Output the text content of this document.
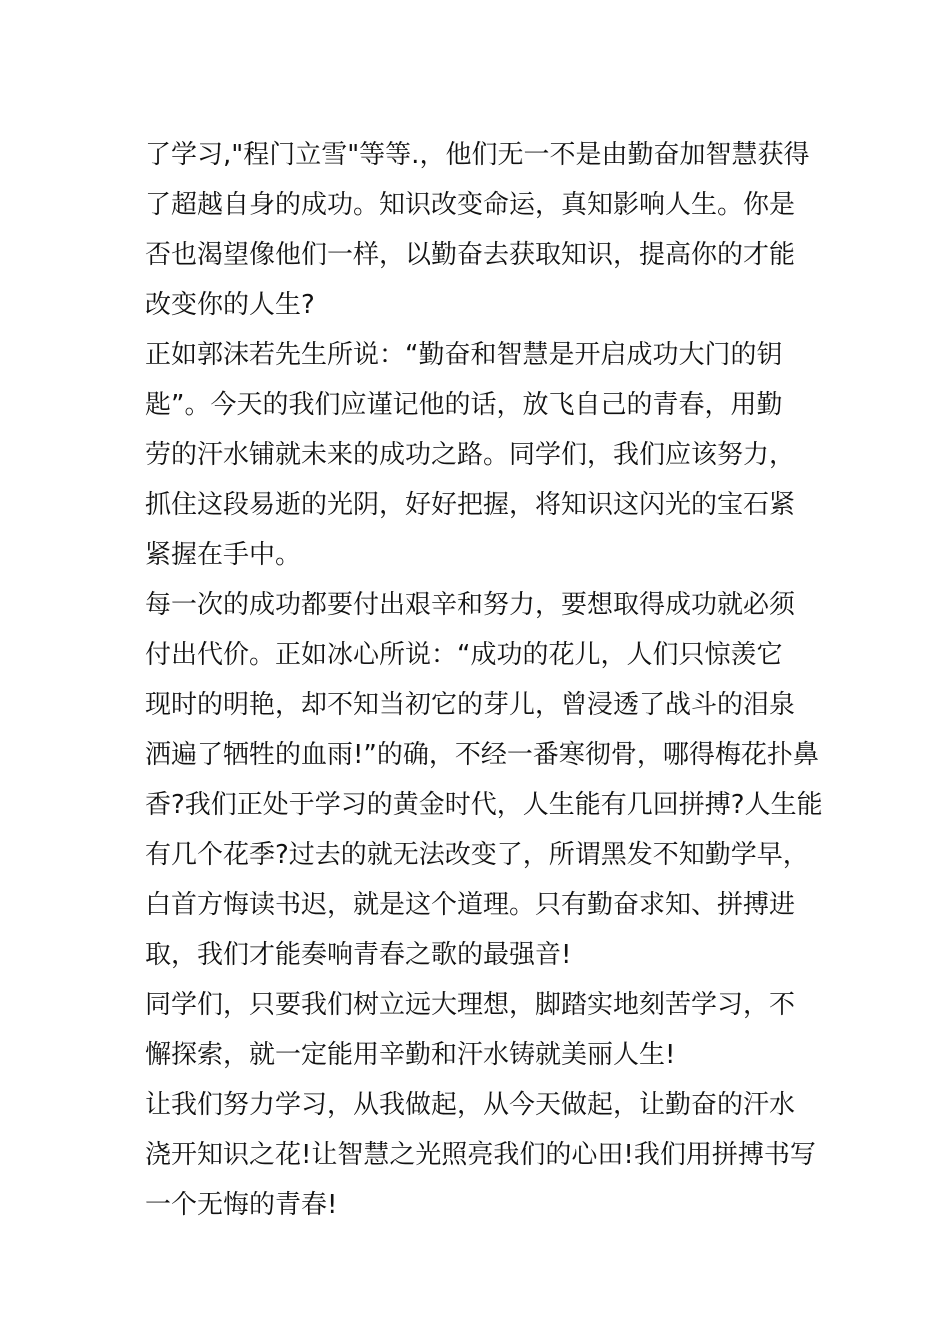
了学习,"程门立雪"等等.，他们无一不是由勤奋加智慧获得
了超越自身的成功。知识改变命运，真知影响人生。你是
否也渴望像他们一样，以勤奋去获取知识，提高你的才能
改变你的人生?
正如郭沫若先生所说：“勤奋和智慧是开启成功大门的钥
匙”。今天的我们应谨记他的话，放飞自己的青春，用勤
劳的汗水铺就未来的成功之路。同学们，我们应该努力，
抓住这段易逝的光阴，好好把握，将知识这闪光的宝石紧
紧握在手中。
每一次的成功都要付出艰辛和努力，要想取得成功就必须
付出代价。正如冰心所说：“成功的花儿，人们只惊羡它
现时的明艳，却不知当初它的芽儿，曾浸透了战斗的泪泉
洒遍了牺牲的血雨!”的确，不经一番寒彻骨，哪得梅花扑鼻
香?我们正处于学习的黄金时代，人生能有几回拼搏?人生能
有几个花季?过去的就无法改变了，所谓黑发不知勤学早，
白首方悔读书迟，就是这个道理。只有勤奋求知、拼搏进
取，我们才能奏响青春之歌的最强音!
同学们，只要我们树立远大理想，脚踏实地刻苦学习，不
懈探索，就一定能用辛勤和汗水铸就美丽人生!
让我们努力学习，从我做起，从今天做起，让勤奋的汗水
浇开知识之花!让智慧之光照亮我们的心田!我们用拼搏书写
一个无悔的青春!
